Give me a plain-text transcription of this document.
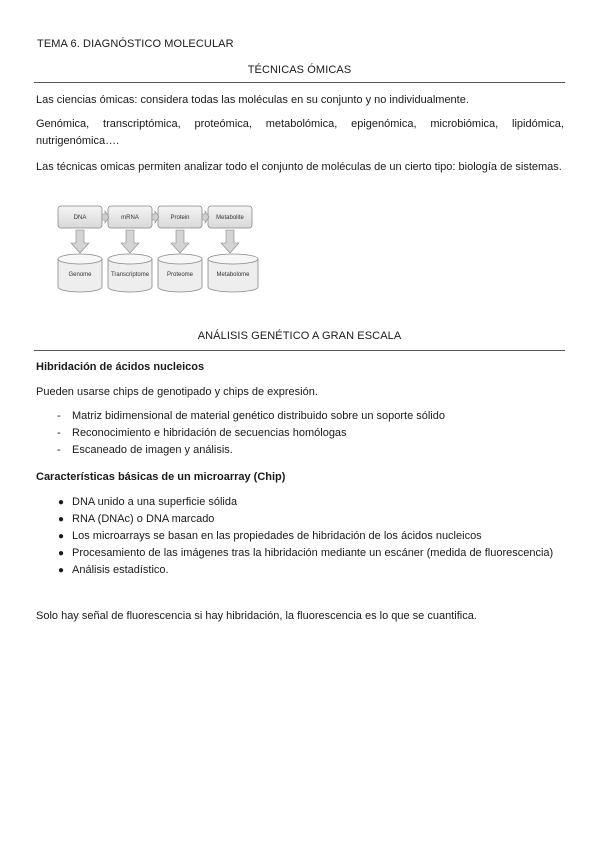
TEMA 6. DIAGNÓSTICO MOLECULAR
TÉCNICAS ÓMICAS

Las ciencias ómicas: considera todas las moléculas en su conjunto y no individualmente.

Genómica, transcriptómica, proteómica, metabolómica, epigenómica, microbiómica, lipidómica, nutrigenómica….

Las técnicas omicas permiten analizar todo el conjunto de moléculas de un cierto tipo: biología de sistemas.

DNA	mRNA	Protein	Metabolite
Genome	Transcriptome	Proteome	Metabolome
ANÁLISIS GENÉTICO A GRAN ESCALA

Hibridación de ácidos nucleicos

Pueden usarse chips de genotipado y chips de expresión.

- Matriz bidimensional de material genético distribuido sobre un soporte sólido
- Reconocimiento e hibridación de secuencias homólogas
- Escaneado de imagen y análisis.

Características básicas de un microarray (Chip)

● DNA unido a una superficie sólida
● RNA (DNAc) o DNA marcado
● Los microarrays se basan en las propiedades de hibridación de los ácidos nucleicos
● Procesamiento de las imágenes tras la hibridación mediante un escáner (medida de fluorescencia)
● Análisis estadístico.

Solo hay señal de fluorescencia si hay hibridación, la fluorescencia es lo que se cuantifica.
